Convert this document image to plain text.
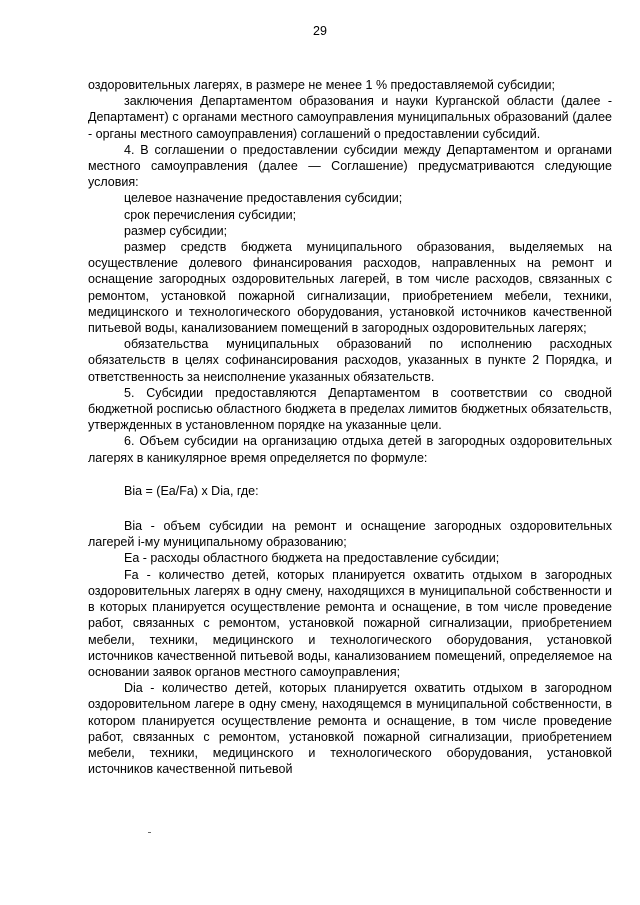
29

оздоровительных лагерях, в размере не менее 1 % предоставляемой субсидии;

заключения Департаментом образования и науки Курганской области (далее - Департамент) с органами местного самоуправления муниципальных образований (далее - органы местного самоуправления) соглашений о предоставлении субсидий.

4. В соглашении о предоставлении субсидии между Департаментом и органами местного самоуправления (далее — Соглашение) предусматриваются следующие условия:

целевое назначение предоставления субсидии;

срок перечисления субсидии;

размер субсидии;

размер средств бюджета муниципального образования, выделяемых на осуществление долевого финансирования расходов, направленных на ремонт и оснащение загородных оздоровительных лагерей, в том числе расходов, связанных с ремонтом, установкой пожарной сигнализации, приобретением мебели, техники, медицинского и технологического оборудования, установкой источников качественной питьевой воды, канализованием помещений в загородных оздоровительных лагерях;

обязательства муниципальных образований по исполнению расходных обязательств в целях софинансирования расходов, указанных в пункте 2 Порядка, и ответственность за неисполнение указанных обязательств.

5. Субсидии предоставляются Департаментом в соответствии со сводной бюджетной росписью областного бюджета в пределах лимитов бюджетных обязательств, утвержденных в установленном порядке на указанные цели.

6. Объем субсидии на организацию отдыха детей в загородных оздоровительных лагерях в каникулярное время определяется по формуле:

Bia = (Ea/Fa) x Dia, где:

Bia - объем субсидии на ремонт и оснащение загородных оздоровительных лагерей i-му муниципальному образованию;

Ea - расходы областного бюджета на предоставление субсидии;

Fa - количество детей, которых планируется охватить отдыхом в загородных оздоровительных лагерях в одну смену, находящихся в муниципальной собственности и в которых планируется осуществление ремонта и оснащение, в том числе проведение работ, связанных с ремонтом, установкой пожарной сигнализации, приобретением мебели, техники, медицинского и технологического оборудования, установкой источников качественной питьевой воды, канализованием помещений, определяемое на основании заявок органов местного самоуправления;

Dia - количество детей, которых планируется охватить отдыхом в загородном оздоровительном лагере в одну смену, находящемся в муниципальной собственности, в котором планируется осуществление ремонта и оснащение, в том числе проведение работ, связанных с ремонтом, установкой пожарной сигнализации, приобретением мебели, техники, медицинского и технологического оборудования, установкой источников качественной питьевой
